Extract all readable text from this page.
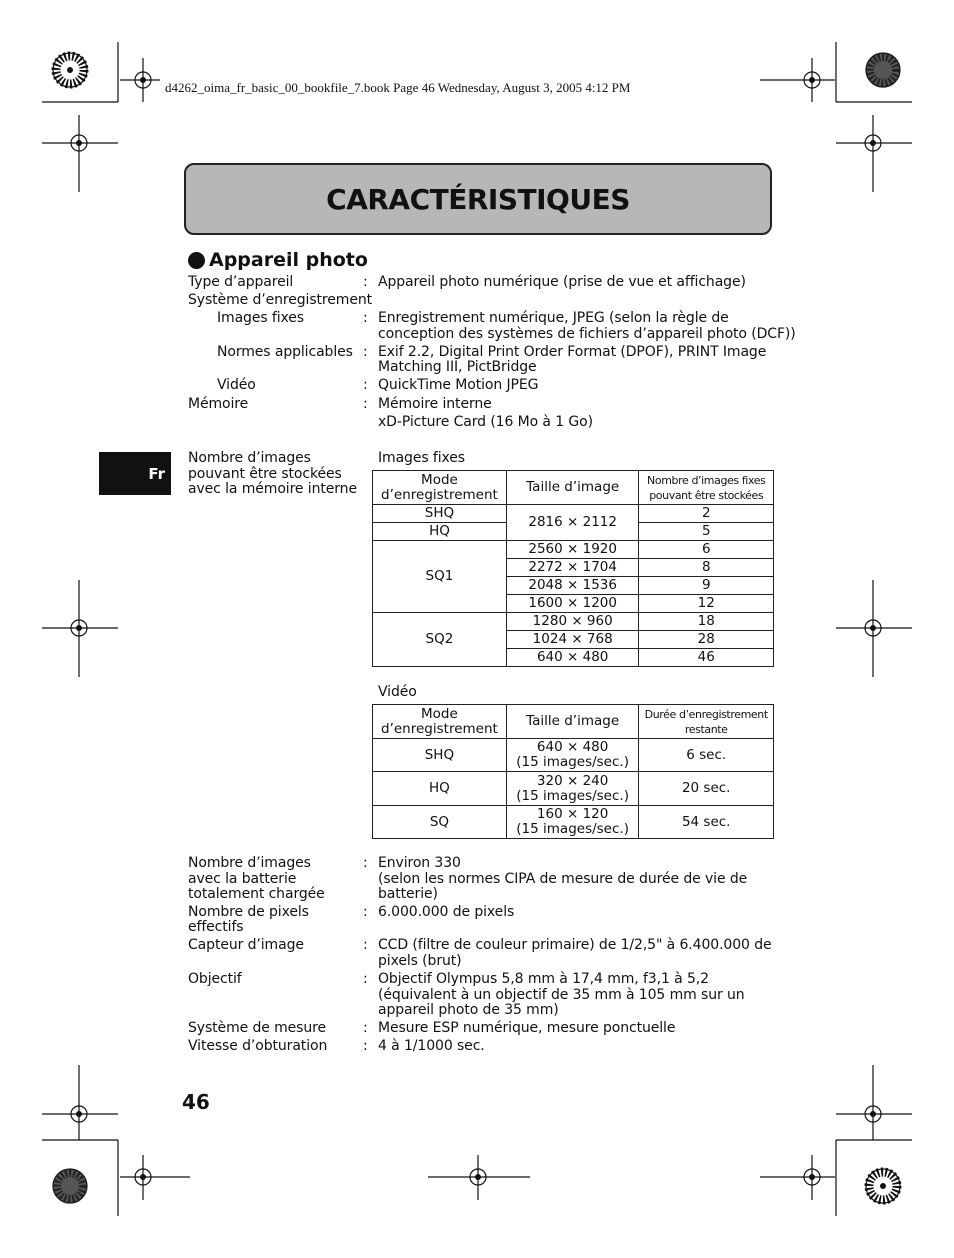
d4262_oima_fr_basic_00_bookfile_7.book Page 46 Wednesday, August 3, 2005 4:12 PM
CARACTÉRISTIQUES
Appareil photo
Fr
Type d’appareil	: Appareil photo numérique (prise de vue et affichage)
Système d’enregistrement
Images fixes	: Enregistrement numérique, JPEG (selon la règle de
conception des systèmes de fichiers d’appareil photo (DCF))
Normes applicables : Exif 2.2, Digital Print Order Format (DPOF), PRINT Image
Matching III, PictBridge
Vidéo	: QuickTime Motion JPEG
Mémoire	: Mémoire interne
xD-Picture Card (16 Mo à 1 Go)
Nombre d’images
pouvant être stockées
avec la mémoire interne
Images fixes
Mode
d’enregistrement	Taille d’image	Nombre d’images fixes
pouvant être stockées
SHQ	2816 × 2112	2
HQ		5
SQ1	2560 × 1920	6
	2272 × 1704	8
	2048 × 1536	9
	1600 × 1200	12
SQ2	1280 × 960	18
	1024 × 768	28
	640 × 480	46
Vidéo
Mode
d’enregistrement	Taille d’image	Durée d’enregistrement
restante
SHQ	640 × 480
(15 images/sec.)	6 sec.
HQ	320 × 240
(15 images/sec.)	20 sec.
SQ	160 × 120
(15 images/sec.)	54 sec.
Nombre d’images
avec la batterie
totalement chargée
: Environ 330
(selon les normes CIPA de mesure de durée de vie de
batterie)
Nombre de pixels
effectifs
: 6.000.000 de pixels
Capteur d’image	: CCD (filtre de couleur primaire) de 1/2,5" à 6.400.000 de
pixels (brut)
Objectif	: Objectif Olympus 5,8 mm à 17,4 mm, f3,1 à 5,2
(équivalent à un objectif de 35 mm à 105 mm sur un
appareil photo de 35 mm)
Système de mesure	: Mesure ESP numérique, mesure ponctuelle
Vitesse d’obturation	: 4 à 1/1000 sec.
46
